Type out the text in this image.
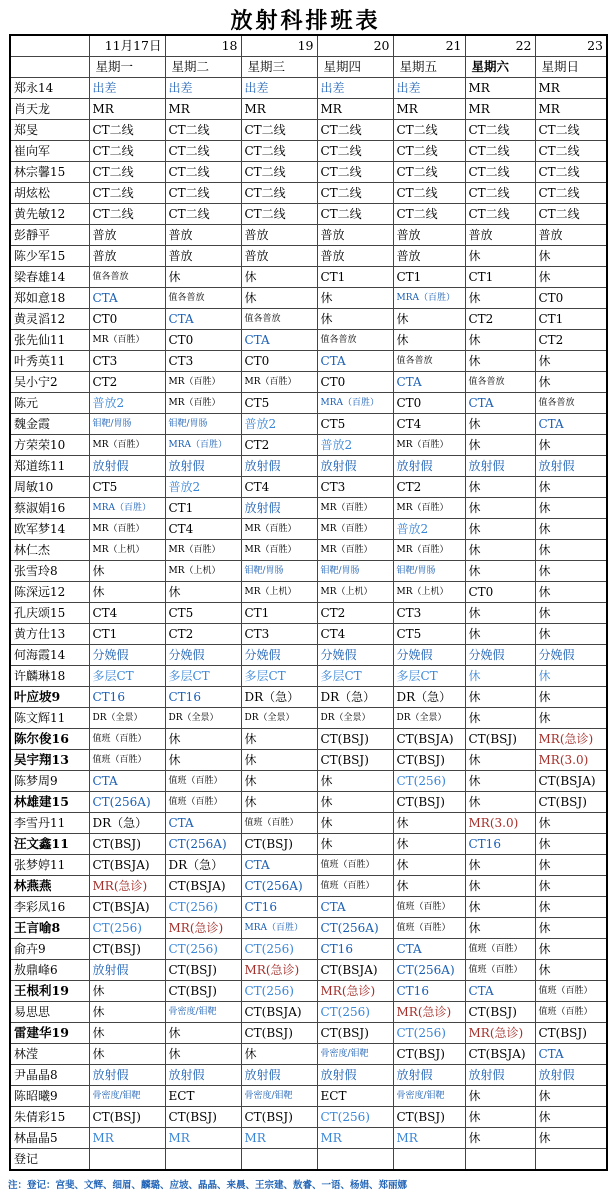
放射科排班表
	11月17日	18	19	20	21	22	23
	星期一	星期二	星期三	星期四	星期五	星期六	星期日
郑永14	出差	出差	出差	出差	出差	MR	MR
肖天龙	MR	MR	MR	MR	MR	MR	MR
郑旻	CT二线	CT二线	CT二线	CT二线	CT二线	CT二线	CT二线
崔向军	CT二线	CT二线	CT二线	CT二线	CT二线	CT二线	CT二线
林宗馨15	CT二线	CT二线	CT二线	CT二线	CT二线	CT二线	CT二线
胡炫松	CT二线	CT二线	CT二线	CT二线	CT二线	CT二线	CT二线
黄先敏12	CT二线	CT二线	CT二线	CT二线	CT二线	CT二线	CT二线
彭靜平	普放	普放	普放	普放	普放	普放	普放
陈少军15	普放	普放	普放	普放	普放	休	休
梁春雄14	值各普放	休	休	CT1	CT1	CT1	休
郑如意18	CTA	值各普放	休	休	MRA（百胜）	休	CT0
黄灵滔12	CT0	CTA	值各普放	休	休	CT2	CT1
张先仙11	MR（百胜）	CT0	CTA	值各普放	休	休	CT2
叶秀英11	CT3	CT3	CT0	CTA	值各普放	休	休
吴小宁2	CT2	MR（百胜）	MR（百胜）	CT0	CTA	值各普放	休
陈元	普放2	MR（百胜）	CT5	MRA（百胜）	CT0	CTA	值各普放
魏金霞	钼靶/胃肠	钼靶/胃肠	普放2	CT5	CT4	休	CTA
方荣荣10	MR（百胜）	MRA（百胜）	CT2	普放2	MR（百胜）	休	休
郑道练11	放射假	放射假	放射假	放射假	放射假	放射假	放射假
周敏10	CT5	普放2	CT4	CT3	CT2	休	休
蔡淑娟16	MRA（百胜）	CT1	放射假	MR（百胜）	MR（百胜）	休	休
欧军梦14	MR（百胜）	CT4	MR（百胜）	MR（百胜）	普放2	休	休
林仁杰	MR（上机）	MR（百胜）	MR（百胜）	MR（百胜）	MR（百胜）	休	休
张雪玲8	休	MR（上机）	钼靶/胃肠	钼靶/胃肠	钼靶/胃肠	休	休
陈深远12	休	休	MR（上机）	MR（上机）	MR（上机）	CT0	休
孔庆颂15	CT4	CT5	CT1	CT2	CT3	休	休
黄方仕13	CT1	CT2	CT3	CT4	CT5	休	休
何海霞14	分娩假	分娩假	分娩假	分娩假	分娩假	分娩假	分娩假
许麟琳18	多层CT	多层CT	多层CT	多层CT	多层CT	休	休
叶应坡9	CT16	CT16	DR（急）	DR（急）	DR（急）	休	休
陈文辉11	DR（全景）	DR（全景）	DR（全景）	DR（全景）	DR（全景）	休	休
陈尔俊16	值班（百胜）	休	休	CT(BSJ)	CT(BSJA)	CT(BSJ)	MR(急诊)
吴宇翔13	值班（百胜）	休	休	CT(BSJ)	CT(BSJ)	休	MR(3.0)
陈梦周9	CTA	值班（百胜）	休	休	CT(256)	休	CT(BSJA)
林雄建15	CT(256A)	值班（百胜）	休	休	CT(BSJ)	休	CT(BSJ)
李雪丹11	DR（急）	CTA	值班（百胜）	休	休	MR(3.0)	休
汪文鑫11	CT(BSJ)	CT(256A)	CT(BSJ)	休	休	CT16	休
张梦婷11	CT(BSJA)	DR（急）	CTA	值班（百胜）	休	休	休
林燕燕	MR(急诊)	CT(BSJA)	CT(256A)	值班（百胜）	休	休	休
李彩凤16	CT(BSJA)	CT(256)	CT16	CTA	值班（百胜）	休	休
王言喻8	CT(256)	MR(急诊)	MRA（百胜）	CT(256A)	值班（百胜）	休	休
俞卉9	CT(BSJ)	CT(256)	CT(256)	CT16	CTA	值班（百胜）	休
敖鼎峰6	放射假	CT(BSJ)	MR(急诊)	CT(BSJA)	CT(256A)	值班（百胜）	休
王根利19	休	CT(BSJ)	CT(256)	MR(急诊)	CT16	CTA	值班（百胜）
易思思	休	骨密度/钼靶	CT(BSJA)	CT(256)	MR(急诊)	CT(BSJ)	值班（百胜）
雷建华19	休	休	CT(BSJ)	CT(BSJ)	CT(256)	MR(急诊)	CT(BSJ)
林滢	休	休	休	骨密度/钼靶	CT(BSJ)	CT(BSJA)	CTA
尹晶晶8	放射假	放射假	放射假	放射假	放射假	放射假	放射假
陈昭曦9	骨密度/钼靶	ECT	骨密度/钼靶	ECT	骨密度/钼靶	休	休
朱倩彩15	CT(BSJ)	CT(BSJ)	CT(BSJ)	CT(256)	CT(BSJ)	休	休
林晶晶5	MR	MR	MR	MR	MR	休	休
登记							
注：登记：宫斐、文辉、细眉、麟璐、应坡、晶晶、来晨、王宗建、敖睿、一语、杨娟、郑丽娜
